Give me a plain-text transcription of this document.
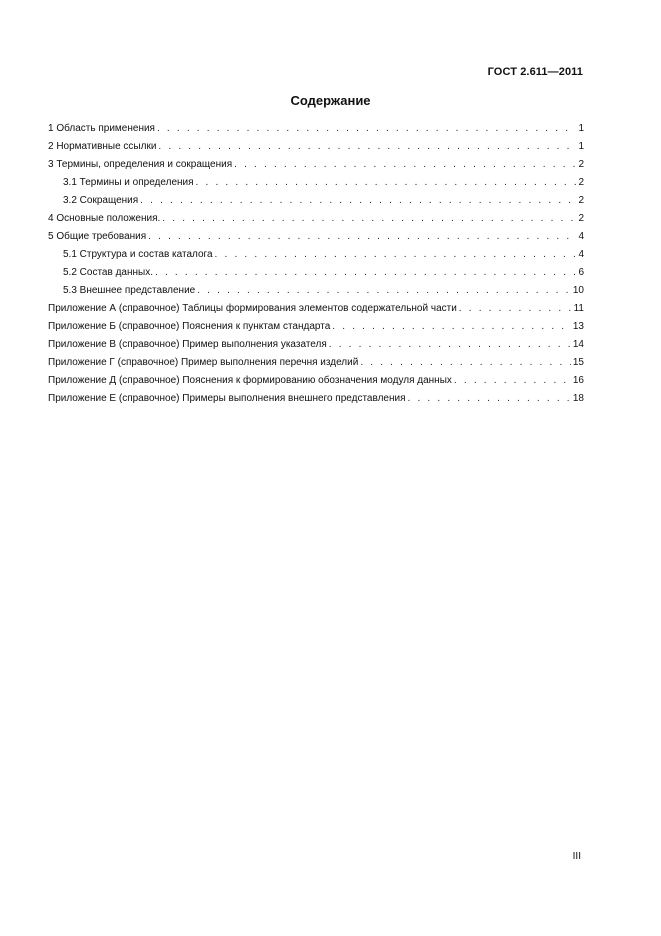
ГОСТ 2.611—2011
Содержание
1 Область применения . . .	1
2 Нормативные ссылки . . .	1
3 Термины, определения и сокращения . . .	2
3.1 Термины и определения . . .	2
3.2 Сокращения . . .	2
4 Основные положения. . . .	2
5 Общие требования . . .	4
5.1 Структура и состав каталога . . .	4
5.2 Состав данных. . . .	6
5.3 Внешнее представление . . .	10
Приложение А (справочное) Таблицы формирования элементов содержательной части . . .	11
Приложение Б (справочное) Пояснения к пунктам стандарта . . .	13
Приложение В (справочное) Пример выполнения указателя . . .	14
Приложение Г (справочное) Пример выполнения перечня изделий . . .	15
Приложение Д (справочное) Пояснения к формированию обозначения модуля данных . . .	16
Приложение Е (справочное) Примеры выполнения внешнего представления . . .	18
III
